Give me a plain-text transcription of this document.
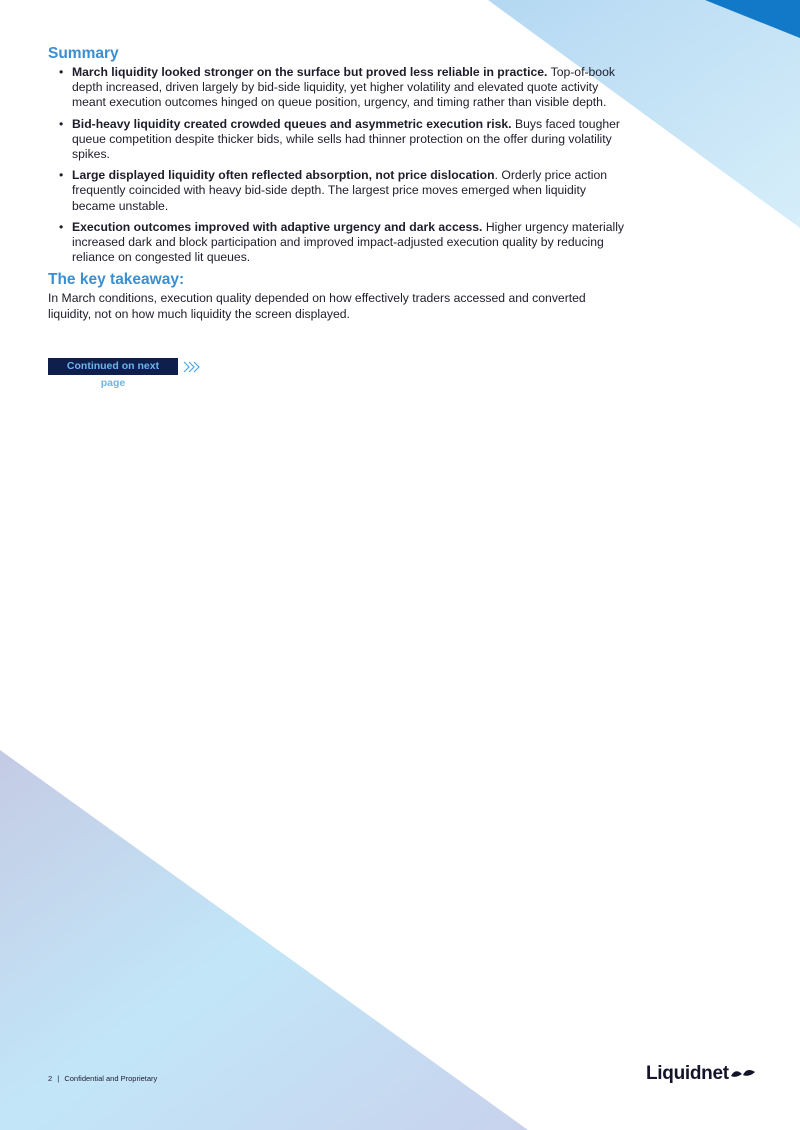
Summary
• March liquidity looked stronger on the surface but proved less reliable in practice. Top-of-book depth increased, driven largely by bid-side liquidity, yet higher volatility and elevated quote activity meant execution outcomes hinged on queue position, urgency, and timing rather than visible depth.
• Bid-heavy liquidity created crowded queues and asymmetric execution risk. Buys faced tougher queue competition despite thicker bids, while sells had thinner protection on the offer during volatility spikes.
• Large displayed liquidity often reflected absorption, not price dislocation. Orderly price action frequently coincided with heavy bid-side depth. The largest price moves emerged when liquidity became unstable.
• Execution outcomes improved with adaptive urgency and dark access. Higher urgency materially increased dark and block participation and improved impact-adjusted execution quality by reducing reliance on congested lit queues.
The key takeaway:

In March conditions, execution quality depended on how effectively traders accessed and converted liquidity, not on how much liquidity the screen displayed.

Continued on next page
2 | Confidential and Proprietary	Liquidnet
